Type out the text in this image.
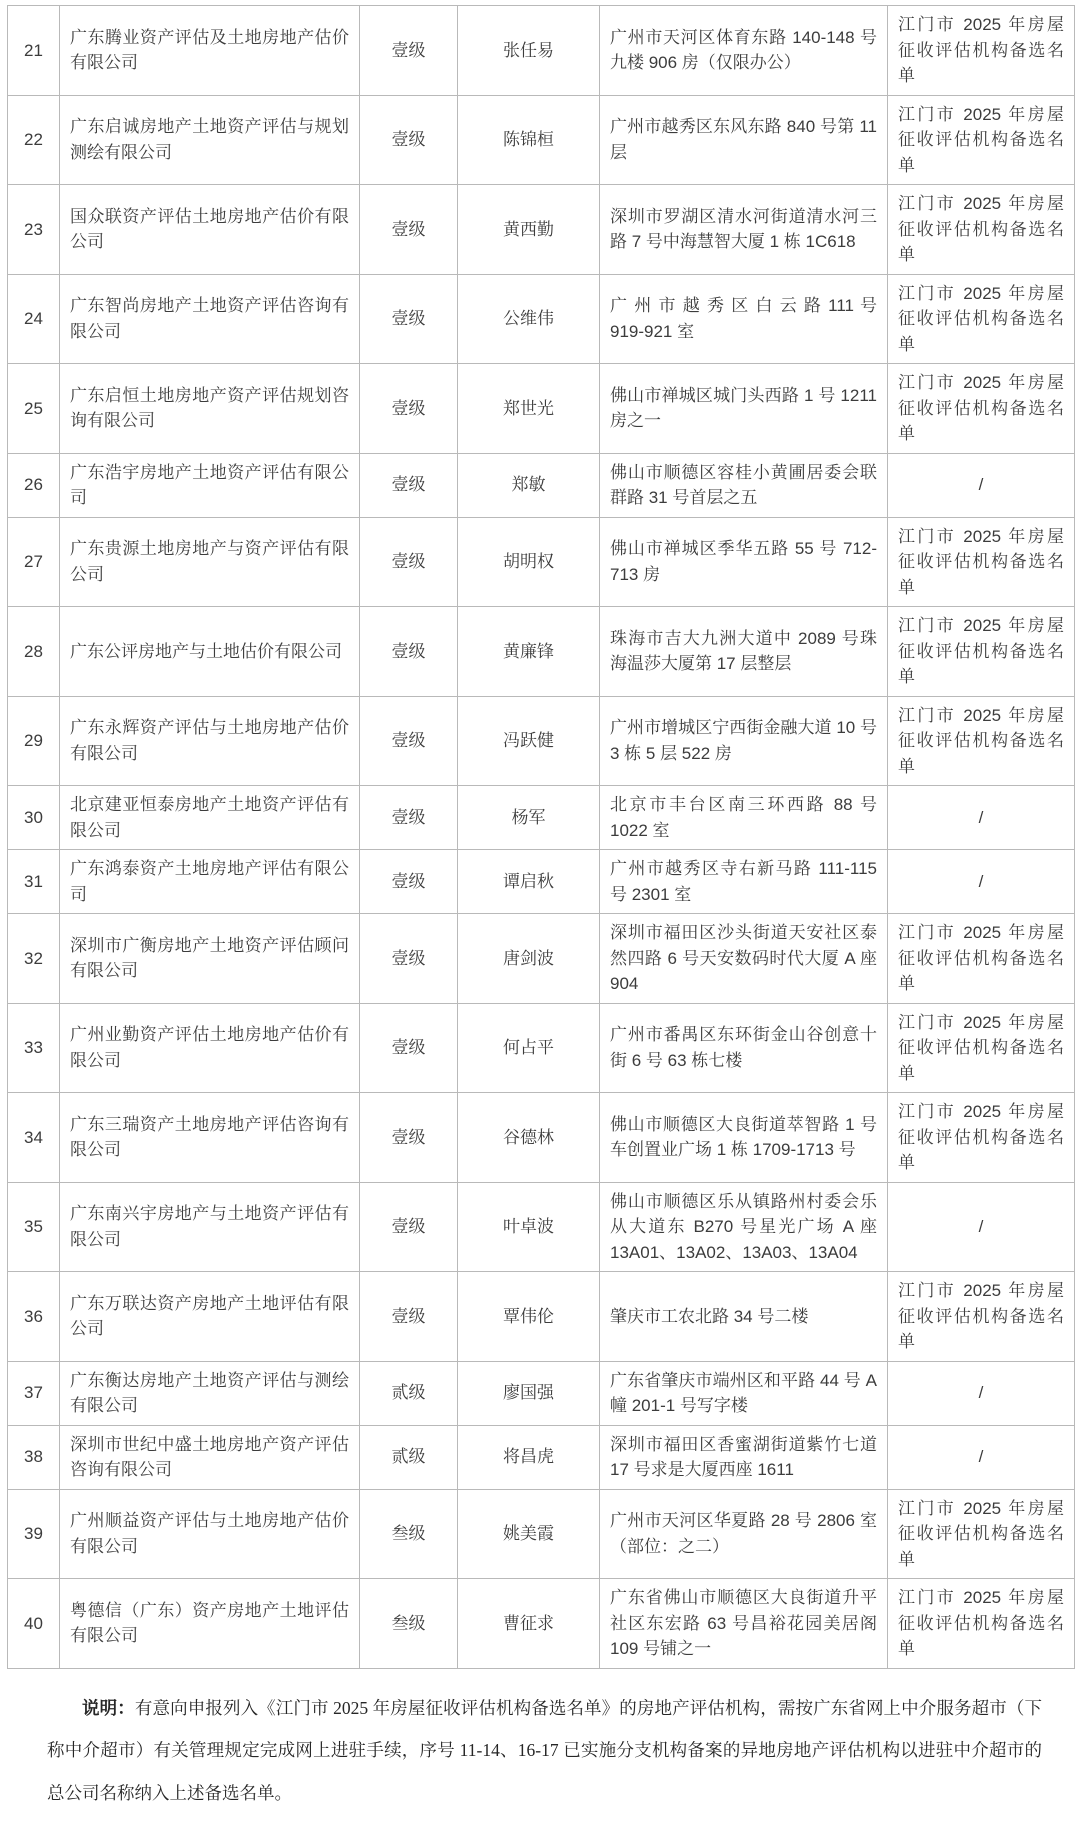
21	广东腾业资产评估及土地房地产估价有限公司	壹级	张任易	广州市天河区体育东路 140-148 号九楼 906 房（仅限办公）	江门市 2025 年房屋征收评估机构备选名单
22	广东启诚房地产土地资产评估与规划测绘有限公司	壹级	陈锦桓	广州市越秀区东风东路 840 号第 11 层	江门市 2025 年房屋征收评估机构备选名单
23	国众联资产评估土地房地产估价有限公司	壹级	黄西勤	深圳市罗湖区清水河街道清水河三路 7 号中海慧智大厦 1 栋 1C618	江门市 2025 年房屋征收评估机构备选名单
24	广东智尚房地产土地资产评估咨询有限公司	壹级	公维伟	广 州 市 越 秀 区 白 云 路 111 号 919-921 室	江门市 2025 年房屋征收评估机构备选名单
25	广东启恒土地房地产资产评估规划咨询有限公司	壹级	郑世光	佛山市禅城区城门头西路 1 号 1211 房之一	江门市 2025 年房屋征收评估机构备选名单
26	广东浩宇房地产土地资产评估有限公司	壹级	郑敏	佛山市顺德区容桂小黄圃居委会联群路 31 号首层之五	/
27	广东贵源土地房地产与资产评估有限公司	壹级	胡明权	佛山市禅城区季华五路 55 号 712-713 房	江门市 2025 年房屋征收评估机构备选名单
28	广东公评房地产与土地估价有限公司	壹级	黄廉锋	珠海市吉大九洲大道中 2089 号珠海温莎大厦第 17 层整层	江门市 2025 年房屋征收评估机构备选名单
29	广东永辉资产评估与土地房地产估价有限公司	壹级	冯跃健	广州市增城区宁西街金融大道 10 号 3 栋 5 层 522 房	江门市 2025 年房屋征收评估机构备选名单
30	北京建亚恒泰房地产土地资产评估有限公司	壹级	杨军	北京市丰台区南三环西路 88 号 1022 室	/
31	广东鸿泰资产土地房地产评估有限公司	壹级	谭启秋	广州市越秀区寺右新马路 111-115 号 2301 室	/
32	深圳市广衡房地产土地资产评估顾问有限公司	壹级	唐剑波	深圳市福田区沙头街道天安社区泰然四路 6 号天安数码时代大厦 A 座 904	江门市 2025 年房屋征收评估机构备选名单
33	广州业勤资产评估土地房地产估价有限公司	壹级	何占平	广州市番禺区东环街金山谷创意十街 6 号 63 栋七楼	江门市 2025 年房屋征收评估机构备选名单
34	广东三瑞资产土地房地产评估咨询有限公司	壹级	谷德林	佛山市顺德区大良街道萃智路 1 号车创置业广场 1 栋 1709-1713 号	江门市 2025 年房屋征收评估机构备选名单
35	广东南兴宇房地产与土地资产评估有限公司	壹级	叶卓波	佛山市顺德区乐从镇路州村委会乐从大道东 B270 号星光广场 A 座 13A01、13A02、13A03、13A04	/
36	广东万联达资产房地产土地评估有限公司	壹级	覃伟伦	肇庆市工农北路 34 号二楼	江门市 2025 年房屋征收评估机构备选名单
37	广东衡达房地产土地资产评估与测绘有限公司	贰级	廖国强	广东省肇庆市端州区和平路 44 号 A 幢 201-1 号写字楼	/
38	深圳市世纪中盛土地房地产资产评估咨询有限公司	贰级	将昌虎	深圳市福田区香蜜湖街道紫竹七道 17 号求是大厦西座 1611	/
39	广州顺益资产评估与土地房地产估价有限公司	叁级	姚美霞	广州市天河区华夏路 28 号 2806 室（部位：之二）	江门市 2025 年房屋征收评估机构备选名单
40	粤德信（广东）资产房地产土地评估有限公司	叁级	曹征求	广东省佛山市顺德区大良街道升平社区东宏路 63 号昌裕花园美居阁 109 号铺之一	江门市 2025 年房屋征收评估机构备选名单

说明：有意向申报列入《江门市 2025 年房屋征收评估机构备选名单》的房地产评估机构，需按广东省网上中介服务超市（下称中介超市）有关管理规定完成网上进驻手续，序号 11-14、16-17 已实施分支机构备案的异地房地产评估机构以进驻中介超市的总公司名称纳入上述备选名单。
